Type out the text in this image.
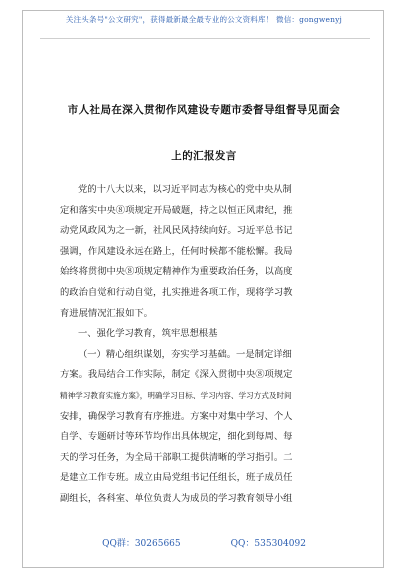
关注头条号"公文研究"，获得最新最全最专业的公文资料库！ 微信：gongwenyj
市人社局在深入贯彻作风建设专题市委督导组督导见面会
上的汇报发言

党的十八大以来，以习近平同志为核心的党中央从制

定和落实中央⑧项规定开局破题，持之以恒正风肃纪，推

动党风政风为之一新，社风民风持续向好。习近平总书记

强调，作风建设永远在路上，任何时候都不能松懈。我局

始终将贯彻中央⑧项规定精神作为重要政治任务，以高度

的政治自觉和行动自觉，扎实推进各项工作，现将学习教

育进展情况汇报如下。

一、强化学习教育，筑牢思想根基

（一）精心组织谋划，夯实学习基础。一是制定详细

方案。我局结合工作实际，制定《深入贯彻中央⑧项规定

精神学习教育实施方案》，明确学习目标、学习内容、学习方式及时间

安排，确保学习教育有序推进。方案中对集中学习、个人

自学、专题研讨等环节均作出具体规定，细化到每周、每

天的学习任务，为全局干部职工提供清晰的学习指引。二

是建立工作专班。成立由局党组书记任组长，班子成员任

副组长，各科室、单位负责人为成员的学习教育领导小组

QQ群：30265665	QQ：535304092
